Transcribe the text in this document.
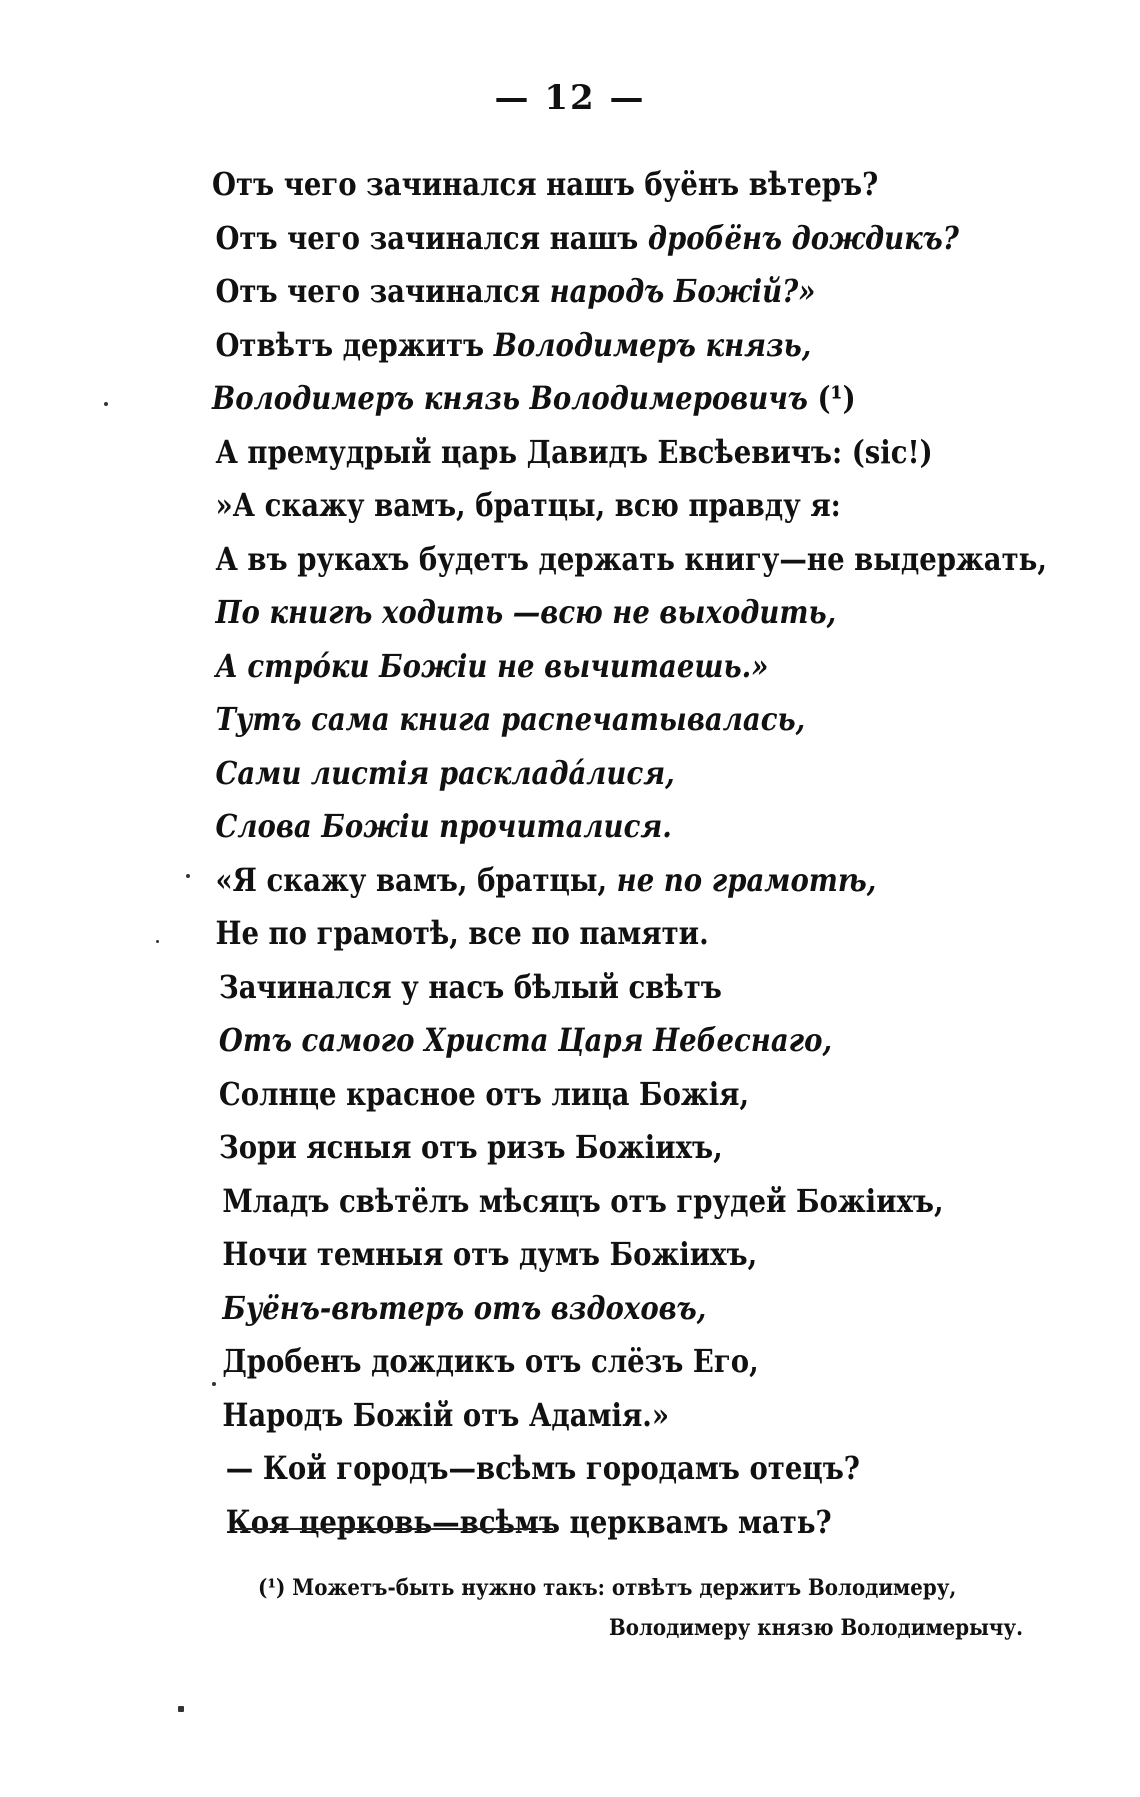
— 12 —
Отъ чего зачинался нашъ буёнъ вѣтеръ?
Отъ чего зачинался нашъ дробёнъ дождикъ?
Отъ чего зачинался народъ Божій?»
Отвѣтъ держитъ Володимеръ князь,
Володимеръ князь Володимеровичъ (¹)
А премудрый царь Давидъ Евсѣевичъ: (sic!)
»А скажу вамъ, братцы, всю правду я:
А въ рукахъ будетъ держать книгу—не выдержать,
По книгѣ ходить —всю не выходить,
А стрóки Божіи не вычитаешь.»
Тутъ сама книга распечатывалась,
Сами листія раскладáлися,
Слова Божіи прочиталися.
«Я скажу вамъ, братцы, не по грамотѣ,
Не по грамотѣ, все по памяти.
Зачинался у насъ бѣлый свѣтъ
Отъ самого Христа Царя Небеснаго,
Солнце красное отъ лица Божія,
Зори ясныя отъ ризъ Божіихъ,
Младъ свѣтёлъ мѣсяцъ отъ грудей Божіихъ,
Ночи темныя отъ думъ Божіихъ,
Буёнъ-вѣтеръ отъ вздоховъ,
Дробенъ дождикъ отъ слёзъ Его,
Народъ Божій отъ Адамія.»
— Кой городъ—всѣмъ городамъ отецъ?
Коя церковь—всѣмъ церквамъ мать?
(¹) Можетъ-быть нужно такъ: отвѣтъ держитъ Володимеру,
Володимеру князю Володимерычу.
